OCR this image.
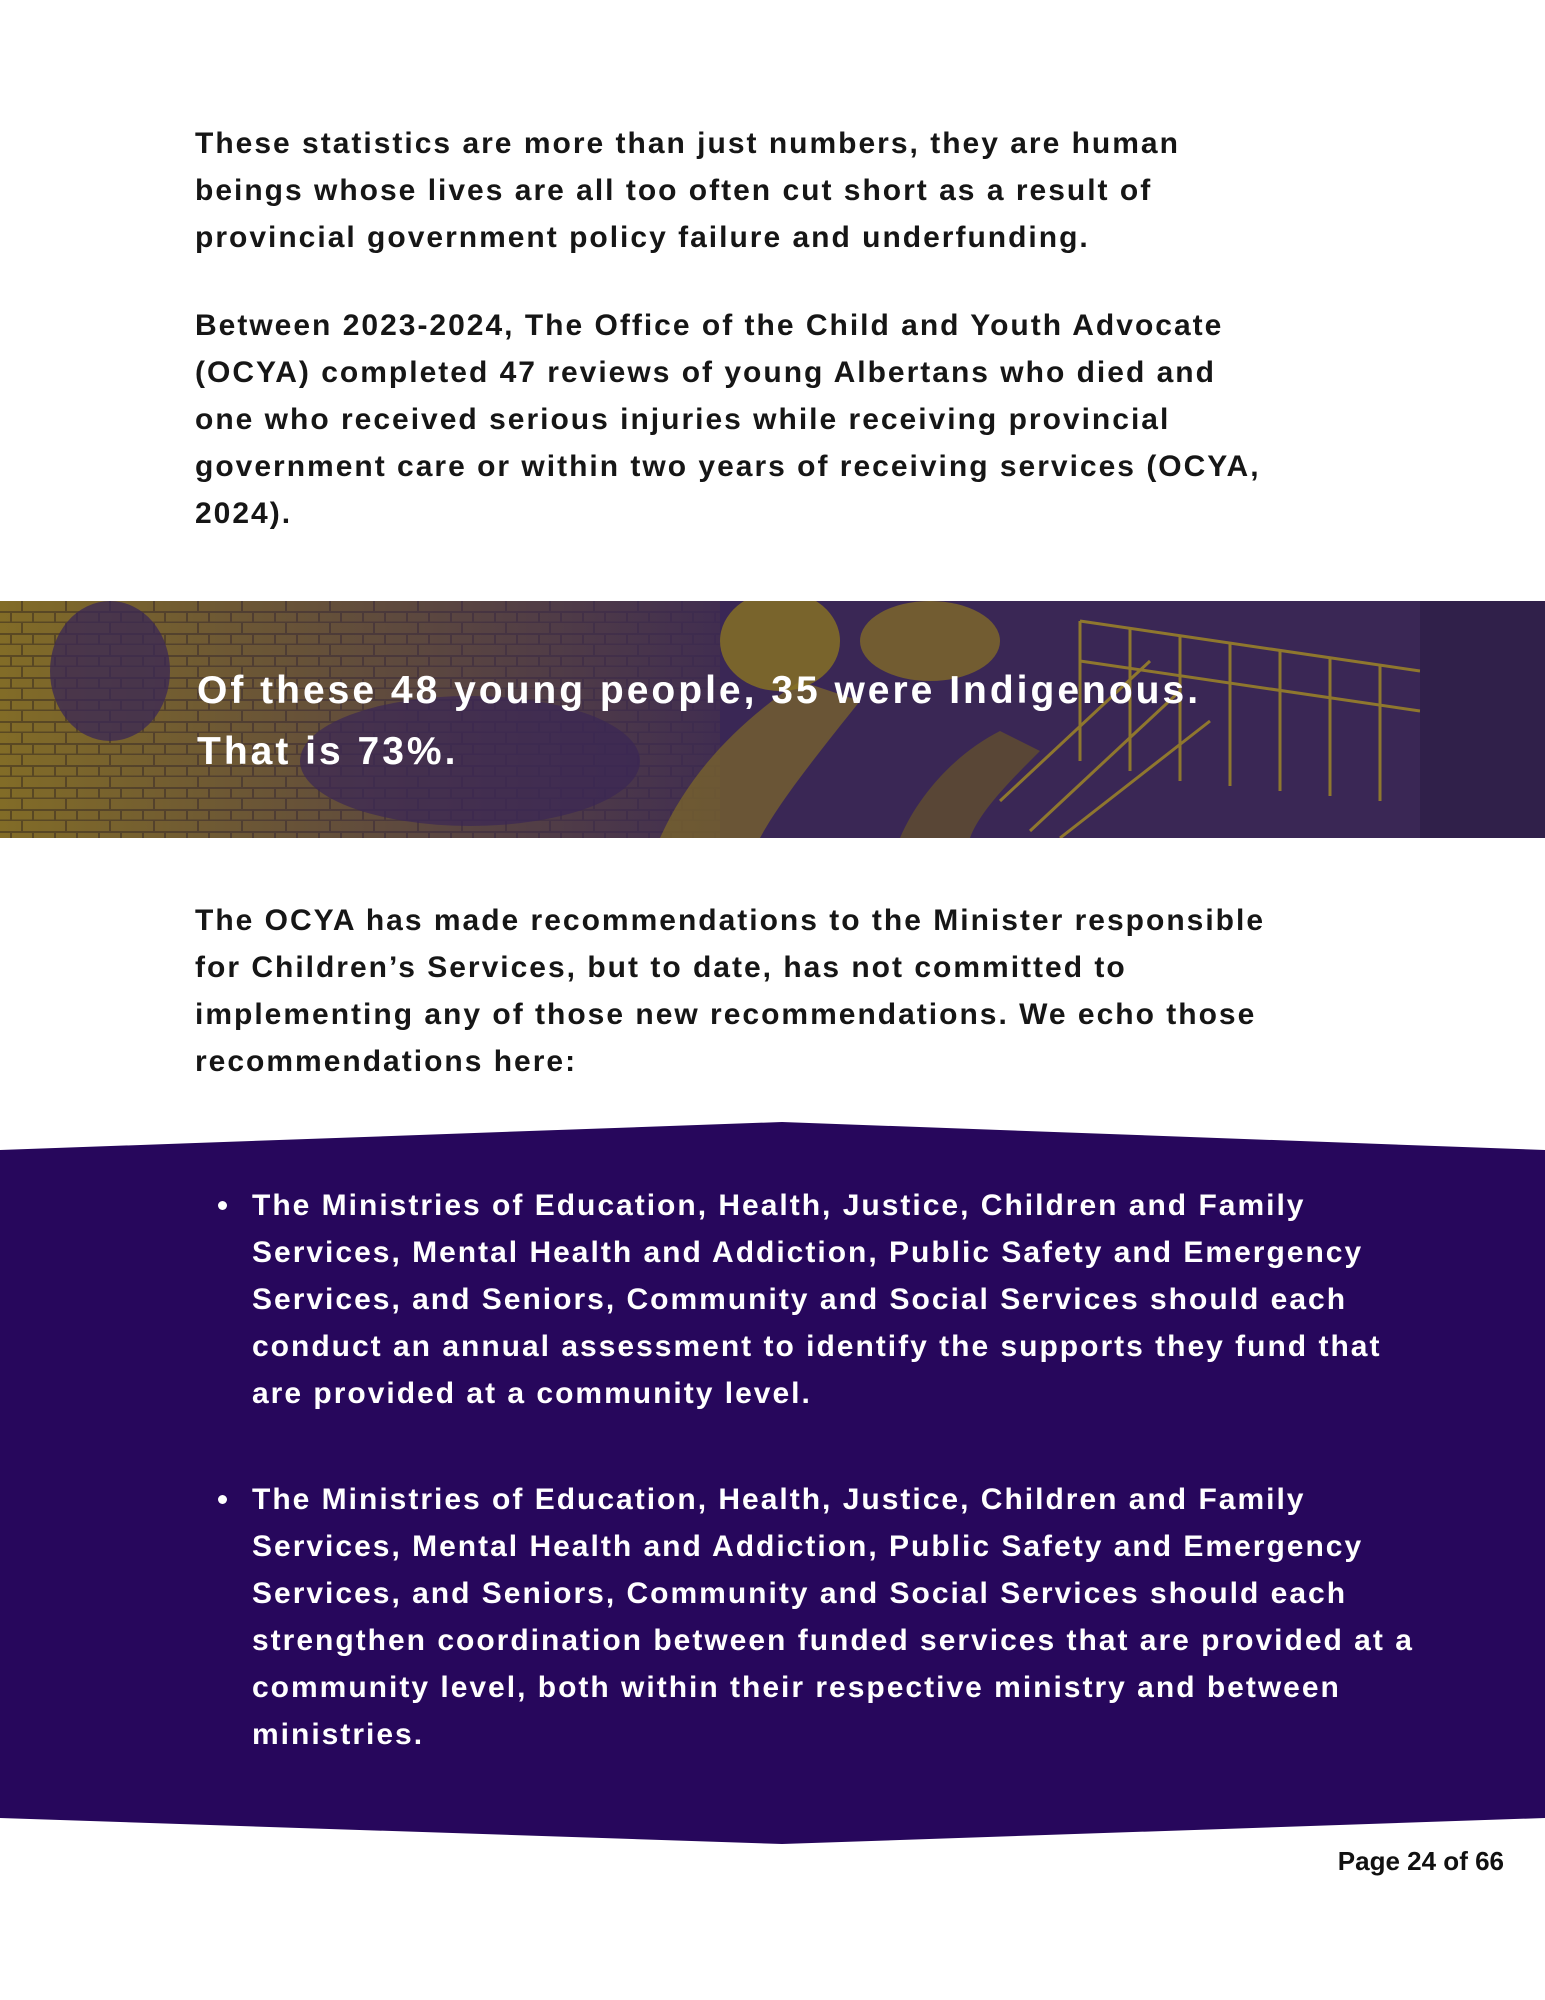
These statistics are more than just numbers, they are human
beings whose lives are all too often cut short as a result of
provincial government policy failure and underfunding.

Between 2023-2024, The Office of the Child and Youth Advocate
(OCYA) completed 47 reviews of young Albertans who died and
one who received serious injuries while receiving provincial
government care or within two years of receiving services (OCYA,
2024).

Of these 48 young people, 35 were Indigenous.
That is 73%.

The OCYA has made recommendations to the Minister responsible
for Children’s Services, but to date, has not committed to
implementing any of those new recommendations. We echo those
recommendations here:

The Ministries of Education, Health, Justice, Children and Family Services, Mental Health and Addiction, Public Safety and Emergency Services, and Seniors, Community and Social Services should each conduct an annual assessment to identify the supports they fund that are provided at a community level.
The Ministries of Education, Health, Justice, Children and Family Services, Mental Health and Addiction, Public Safety and Emergency Services, and Seniors, Community and Social Services should each strengthen coordination between funded services that are provided at a community level, both within their respective ministry and between ministries.

Page 24 of 66
